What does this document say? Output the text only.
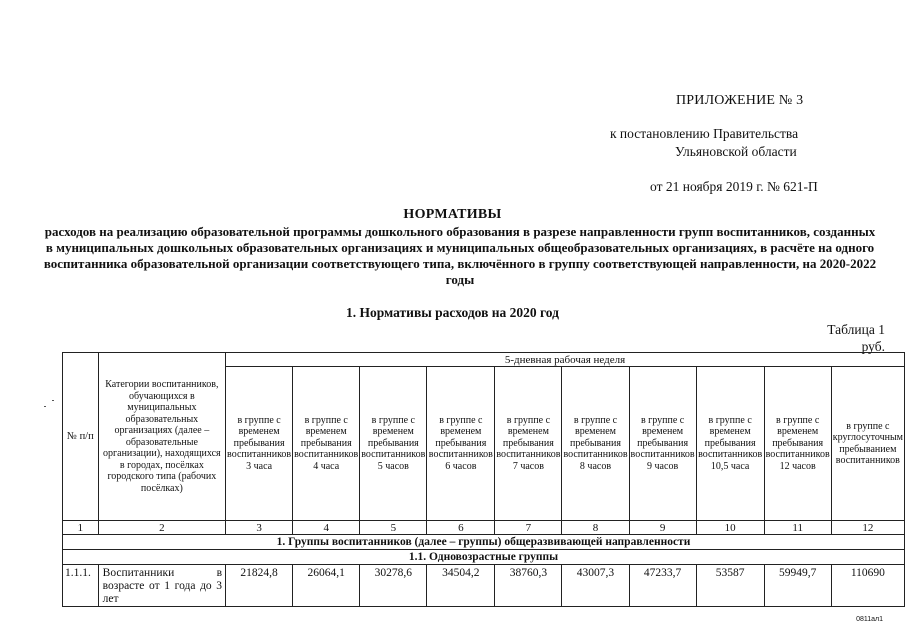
ПРИЛОЖЕНИЕ № 3
к постановлению Правительства
Ульяновской области
от 21 ноября 2019 г. № 621-П
НОРМАТИВЫ
расходов на реализацию образовательной программы дошкольного образования в разрезе направленности групп воспитанников, созданных в муниципальных дошкольных образовательных организациях и муниципальных общеобразовательных организациях, в расчёте на одного воспитанника образовательной организации соответствующего типа, включённого в группу соответствующей направленности, на 2020-2022 годы
1. Нормативы расходов на 2020 год
Таблица 1
руб.
№ п/п	Категории воспитанников, обучающихся в муниципальных образовательных организациях (далее – образовательные организации), находящихся в городах, посёлках городского типа (рабочих посёлках)	5-дневная рабочая неделя									
		в группе с временем пребывания воспитанников 3 часа	в группе с временем пребывания воспитанников 4 часа	в группе с временем пребывания воспитанников 5 часов	в группе с временем пребывания воспитанников 6 часов	в группе с временем пребывания воспитанников 7 часов	в группе с временем пребывания воспитанников 8 часов	в группе с временем пребывания воспитанников 9 часов	в группе с временем пребывания воспитанников 10,5 часа	в группе с временем пребывания воспитанников 12 часов	в группе с круглосуточным пребыванием воспитанников
1	2	3	4	5	6	7	8	9	10	11	12
1. Группы воспитанников (далее – группы) общеразвивающей направленности											
1.1. Одновозрастные группы											
1.1.1.	Воспитанники в возрасте от 1 года до 3 лет	21824,8	26064,1	30278,6	34504,2	38760,3	43007,3	47233,7	53587	59949,7	110690
0811ал1
